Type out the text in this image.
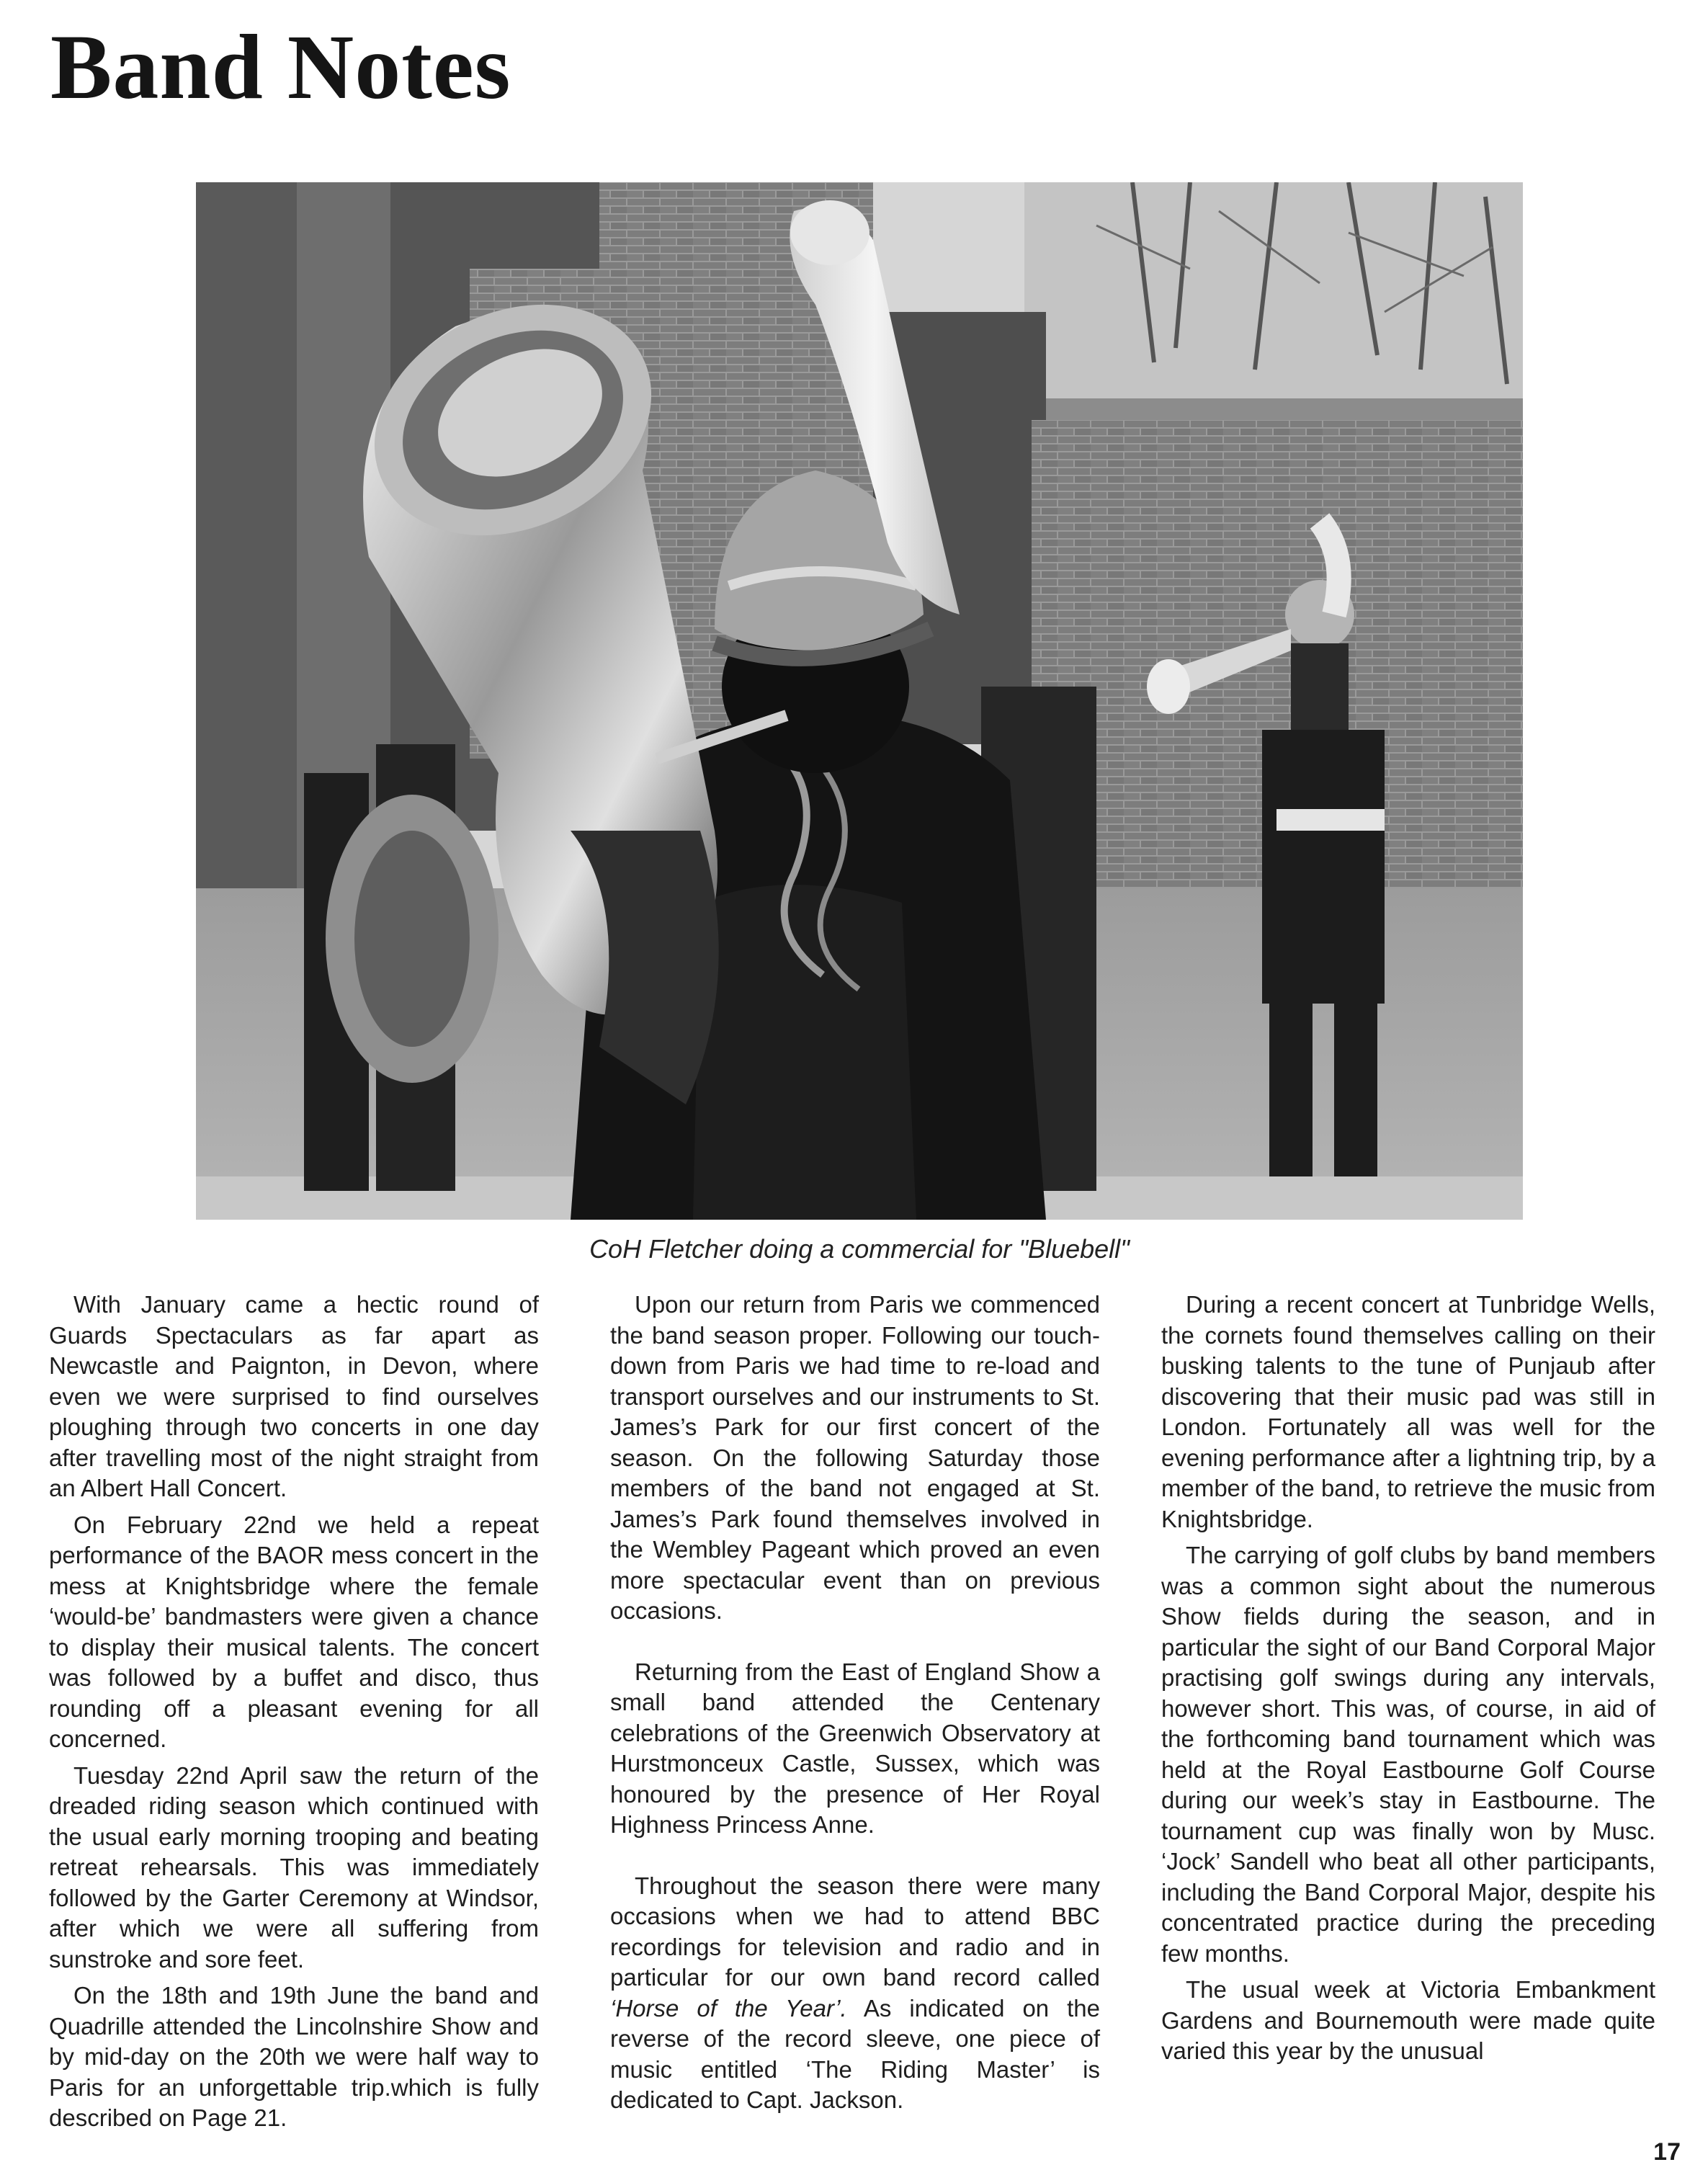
Band Notes
CoH Fletcher doing a commercial for "Bluebell"

With January came a hectic round of Guards Spectaculars as far apart as Newcastle and Paignton, in Devon, where even we were surprised to find ourselves ploughing through two concerts in one day after travelling most of the night straight from an Albert Hall Concert.

On February 22nd we held a repeat performance of the BAOR mess concert in the mess at Knightsbridge where the female ‘would-be’ bandmasters were given a chance to display their musical talents. The concert was followed by a buffet and disco, thus rounding off a pleasant evening for all concerned.

Tuesday 22nd April saw the return of the dreaded riding season which continued with the usual early morning trooping and beating retreat rehearsals. This was immediately followed by the Garter Ceremony at Windsor, after which we were all suffering from sunstroke and sore feet.

On the 18th and 19th June the band and Quadrille attended the Lincolnshire Show and by mid-day on the 20th we were half way to Paris for an unforgettable trip.which is fully described on Page 21.

Upon our return from Paris we commenced the band season proper. Following our touch-down from Paris we had time to re-load and transport ourselves and our instruments to St. James’s Park for our first concert of the season. On the following Saturday those members of the band not engaged at St. James’s Park found themselves involved in the Wembley Pageant which proved an even more spectacular event than on previous occasions.

Returning from the East of England Show a small band attended the Centenary celebrations of the Greenwich Observatory at Hurstmonceux Castle, Sussex, which was honoured by the presence of Her Royal Highness Princess Anne.

Throughout the season there were many occasions when we had to attend BBC recordings for television and radio and in particular for our own band record called ‘Horse of the Year’. As indicated on the reverse of the record sleeve, one piece of music entitled ‘The Riding Master’ is dedicated to Capt. Jackson.

During a recent concert at Tunbridge Wells, the cornets found themselves calling on their busking talents to the tune of Punjaub after discovering that their music pad was still in London. Fortunately all was well for the evening performance after a lightning trip, by a member of the band, to retrieve the music from Knightsbridge.

The carrying of golf clubs by band members was a common sight about the numerous Show fields during the season, and in particular the sight of our Band Corporal Major practising golf swings during any intervals, however short. This was, of course, in aid of the forthcoming band tournament which was held at the Royal Eastbourne Golf Course during our week’s stay in Eastbourne. The tournament cup was finally won by Musc. ‘Jock’ Sandell who beat all other participants, including the Band Corporal Major, despite his concentrated practice during the preceding few months.

The usual week at Victoria Embankment Gardens and Bournemouth were made quite varied this year by the unusual

17
